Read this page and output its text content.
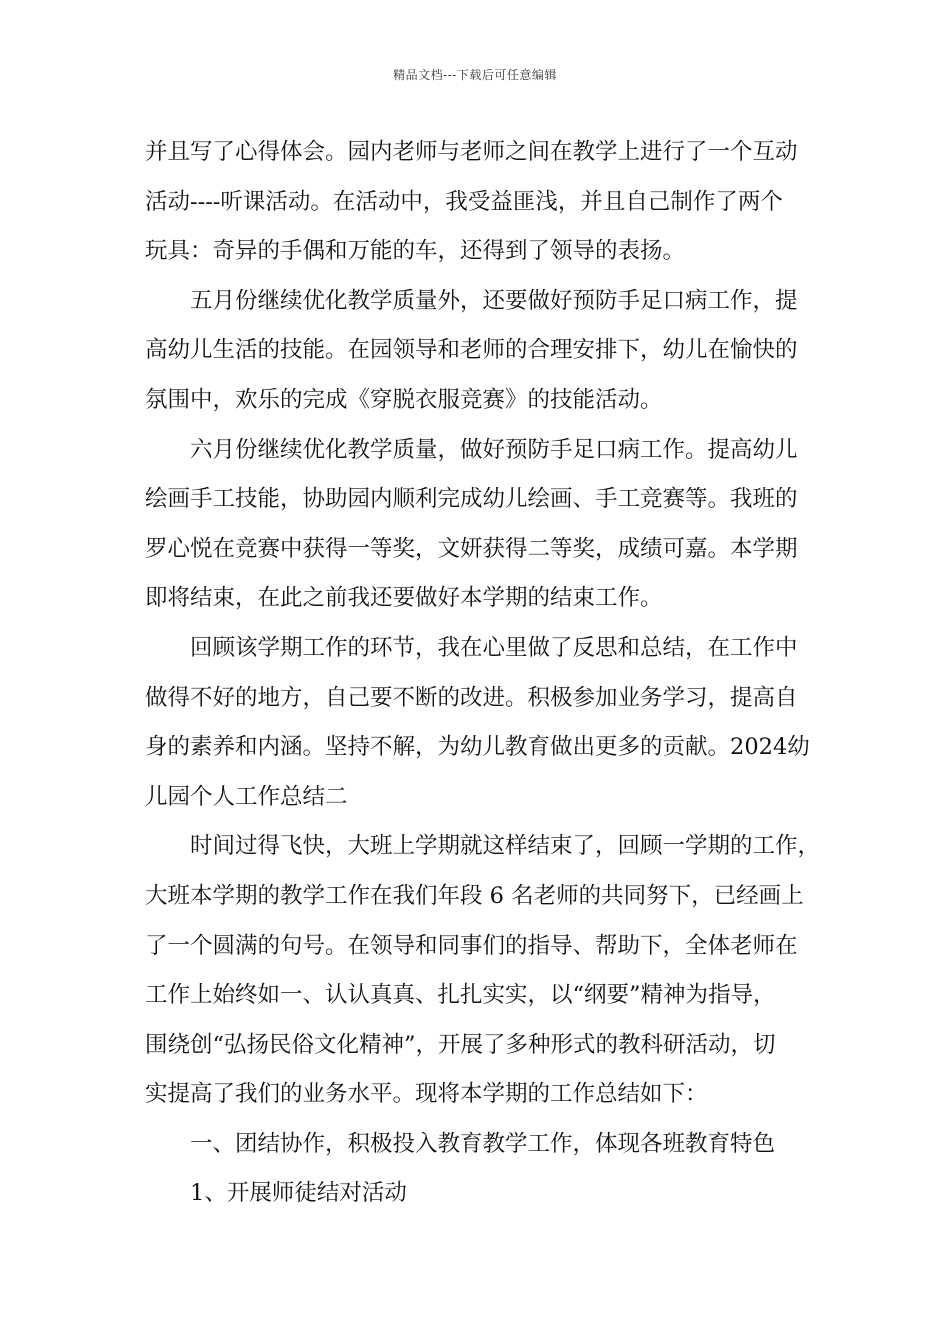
精品文档---下载后可任意编辑
并且写了心得体会。园内老师与老师之间在教学上进行了一个互动
活动----听课活动。在活动中，我受益匪浅，并且自己制作了两个
玩具：奇异的手偶和万能的车，还得到了领导的表扬。
五月份继续优化教学质量外，还要做好预防手足口病工作，提
高幼儿生活的技能。在园领导和老师的合理安排下，幼儿在愉快的
氛围中，欢乐的完成《穿脱衣服竞赛》的技能活动。
六月份继续优化教学质量，做好预防手足口病工作。提高幼儿
绘画手工技能，协助园内顺利完成幼儿绘画、手工竞赛等。我班的
罗心悦在竞赛中获得一等奖，文妍获得二等奖，成绩可嘉。本学期
即将结束，在此之前我还要做好本学期的结束工作。
回顾该学期工作的环节，我在心里做了反思和总结，在工作中
做得不好的地方，自己要不断的改进。积极参加业务学习，提高自
身的素养和内涵。坚持不解，为幼儿教育做出更多的贡献。2024幼
儿园个人工作总结二
时间过得飞快，大班上学期就这样结束了，回顾一学期的工作，
大班本学期的教学工作在我们年段 6 名老师的共同努下，已经画上
了一个圆满的句号。在领导和同事们的指导、帮助下，全体老师在
工作上始终如一、认认真真、扎扎实实，以“纲要”精神为指导，
围绕创“弘扬民俗文化精神”，开展了多种形式的教科研活动，切
实提高了我们的业务水平。现将本学期的工作总结如下：
一、团结协作，积极投入教育教学工作，体现各班教育特色
1、开展师徒结对活动
